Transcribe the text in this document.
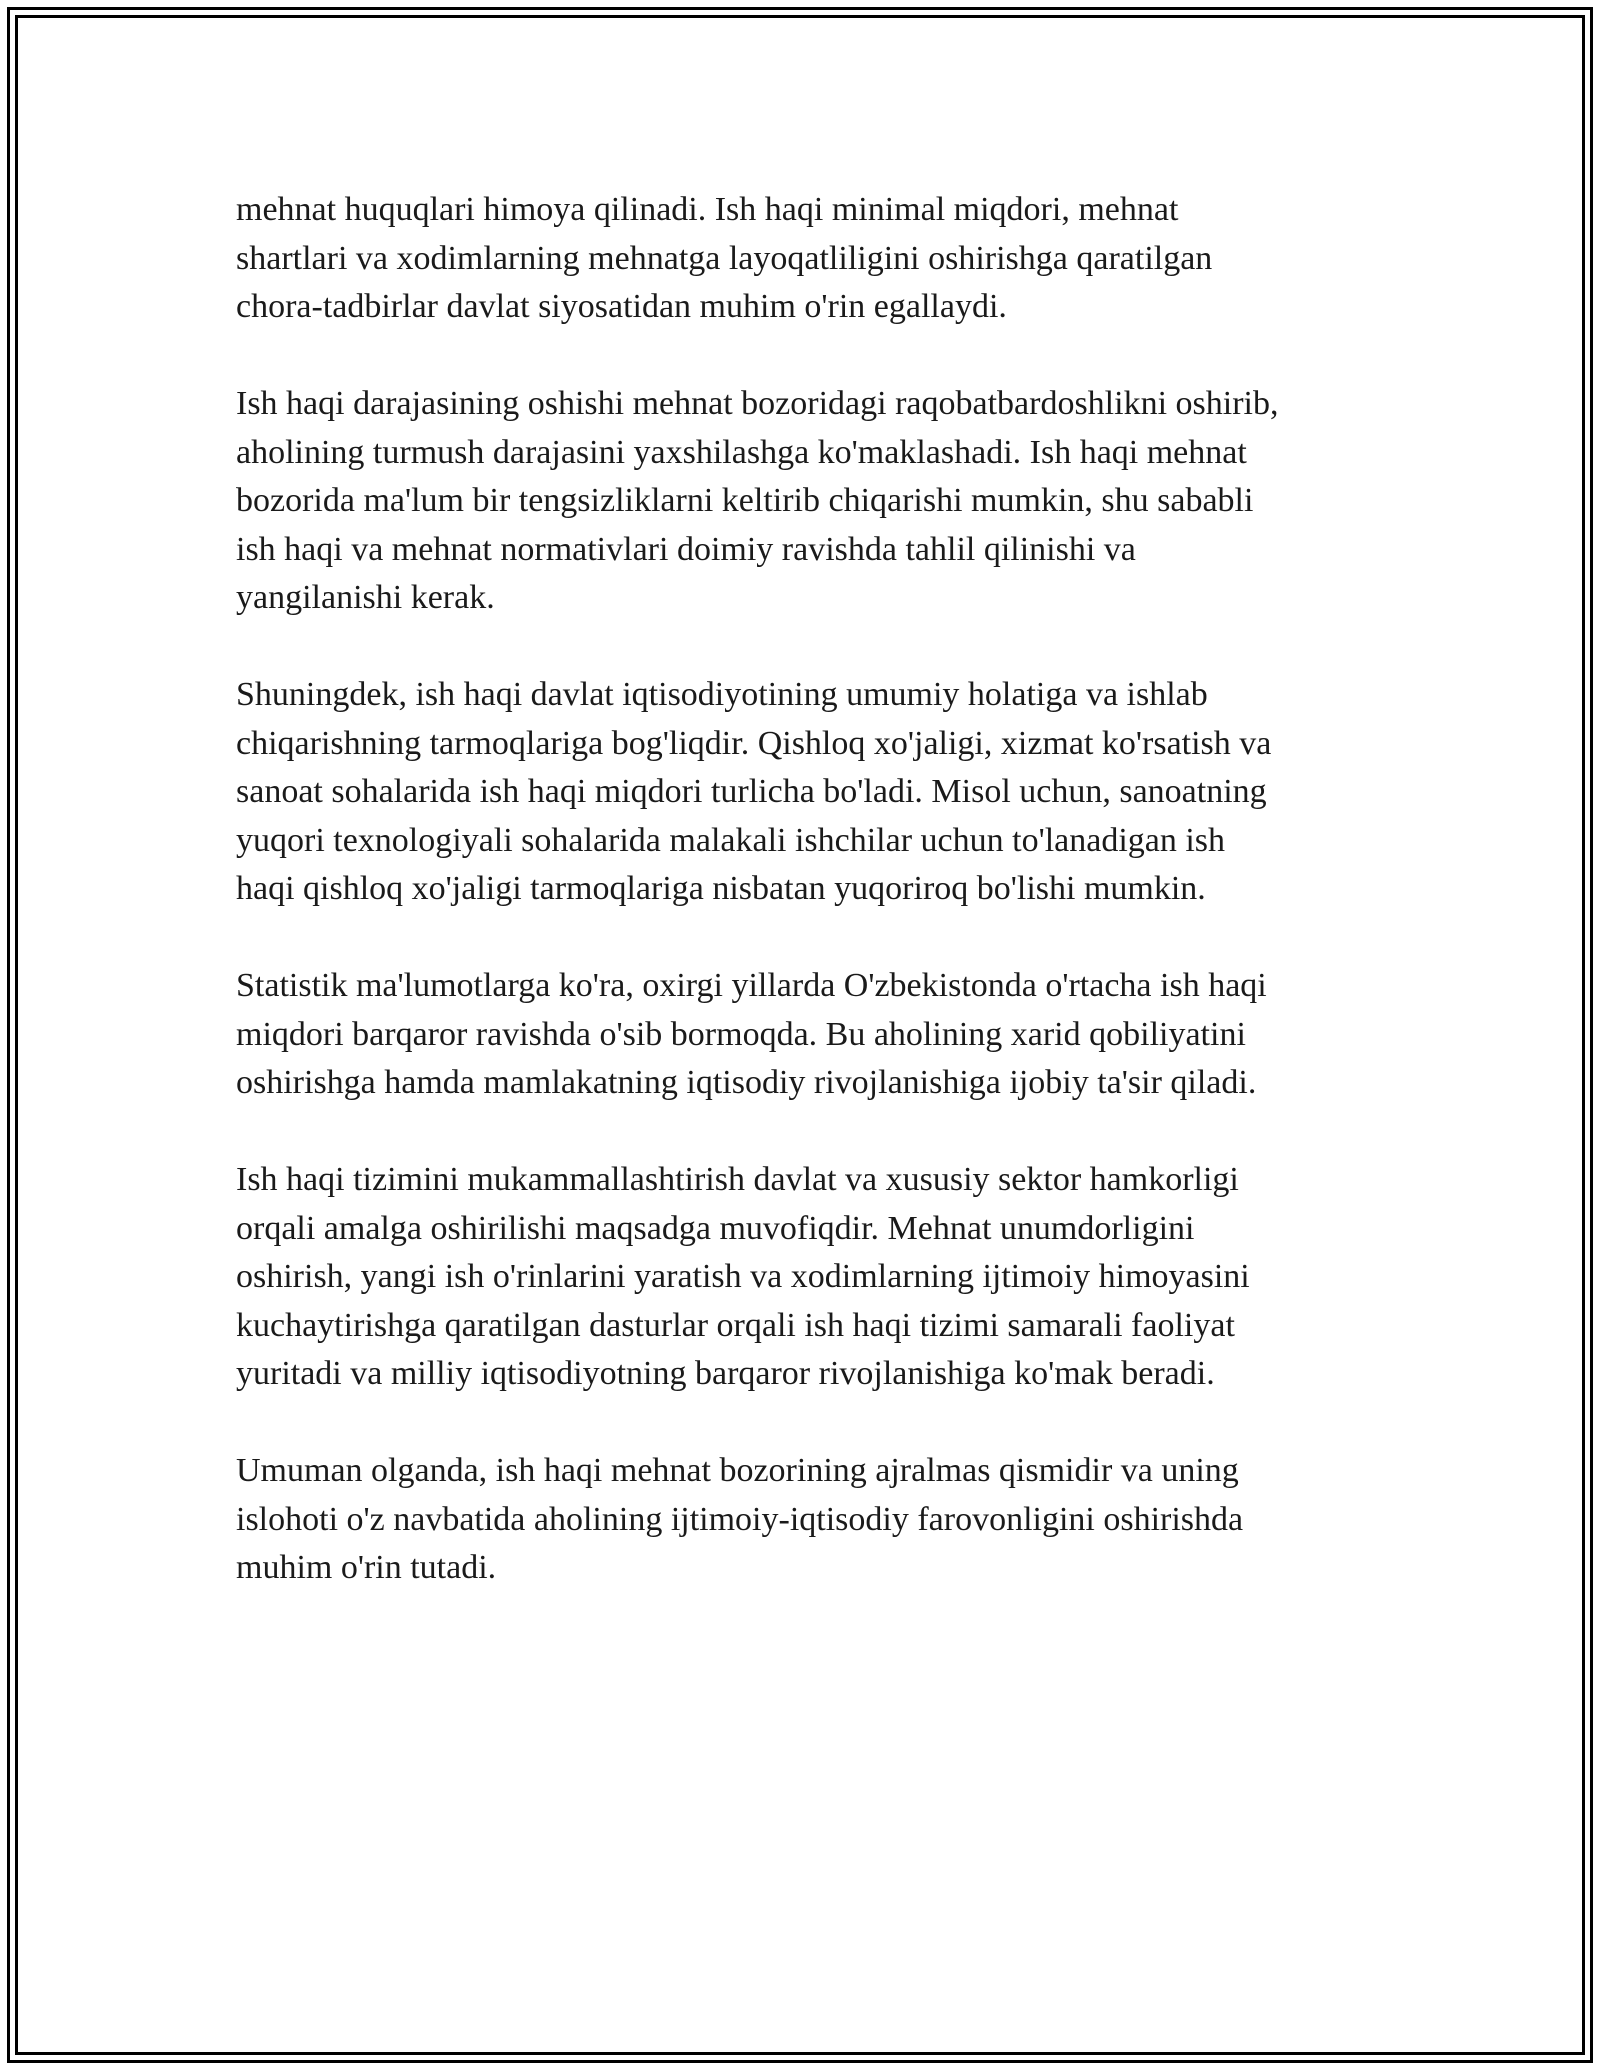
mehnat huquqlari himoya qilinadi. Ish haqi minimal miqdori, mehnat
shartlari va xodimlarning mehnatga layoqatliligini oshirishga qaratilgan
chora-tadbirlar davlat siyosatidan muhim o'rin egallaydi.

Ish haqi darajasining oshishi mehnat bozoridagi raqobatbardoshlikni oshirib,
aholining turmush darajasini yaxshilashga ko'maklashadi. Ish haqi mehnat
bozorida ma'lum bir tengsizliklarni keltirib chiqarishi mumkin, shu sababli
ish haqi va mehnat normativlari doimiy ravishda tahlil qilinishi va
yangilanishi kerak.

Shuningdek, ish haqi davlat iqtisodiyotining umumiy holatiga va ishlab
chiqarishning tarmoqlariga bog'liqdir. Qishloq xo'jaligi, xizmat ko'rsatish va
sanoat sohalarida ish haqi miqdori turlicha bo'ladi. Misol uchun, sanoatning
yuqori texnologiyali sohalarida malakali ishchilar uchun to'lanadigan ish
haqi qishloq xo'jaligi tarmoqlariga nisbatan yuqoriroq bo'lishi mumkin.

Statistik ma'lumotlarga ko'ra, oxirgi yillarda O'zbekistonda o'rtacha ish haqi
miqdori barqaror ravishda o'sib bormoqda. Bu aholining xarid qobiliyatini
oshirishga hamda mamlakatning iqtisodiy rivojlanishiga ijobiy ta'sir qiladi.

Ish haqi tizimini mukammallashtirish davlat va xususiy sektor hamkorligi
orqali amalga oshirilishi maqsadga muvofiqdir. Mehnat unumdorligini
oshirish, yangi ish o'rinlarini yaratish va xodimlarning ijtimoiy himoyasini
kuchaytirishga qaratilgan dasturlar orqali ish haqi tizimi samarali faoliyat
yuritadi va milliy iqtisodiyotning barqaror rivojlanishiga ko'mak beradi.

Umuman olganda, ish haqi mehnat bozorining ajralmas qismidir va uning
islohoti o'z navbatida aholining ijtimoiy-iqtisodiy farovonligini oshirishda
muhim o'rin tutadi.
